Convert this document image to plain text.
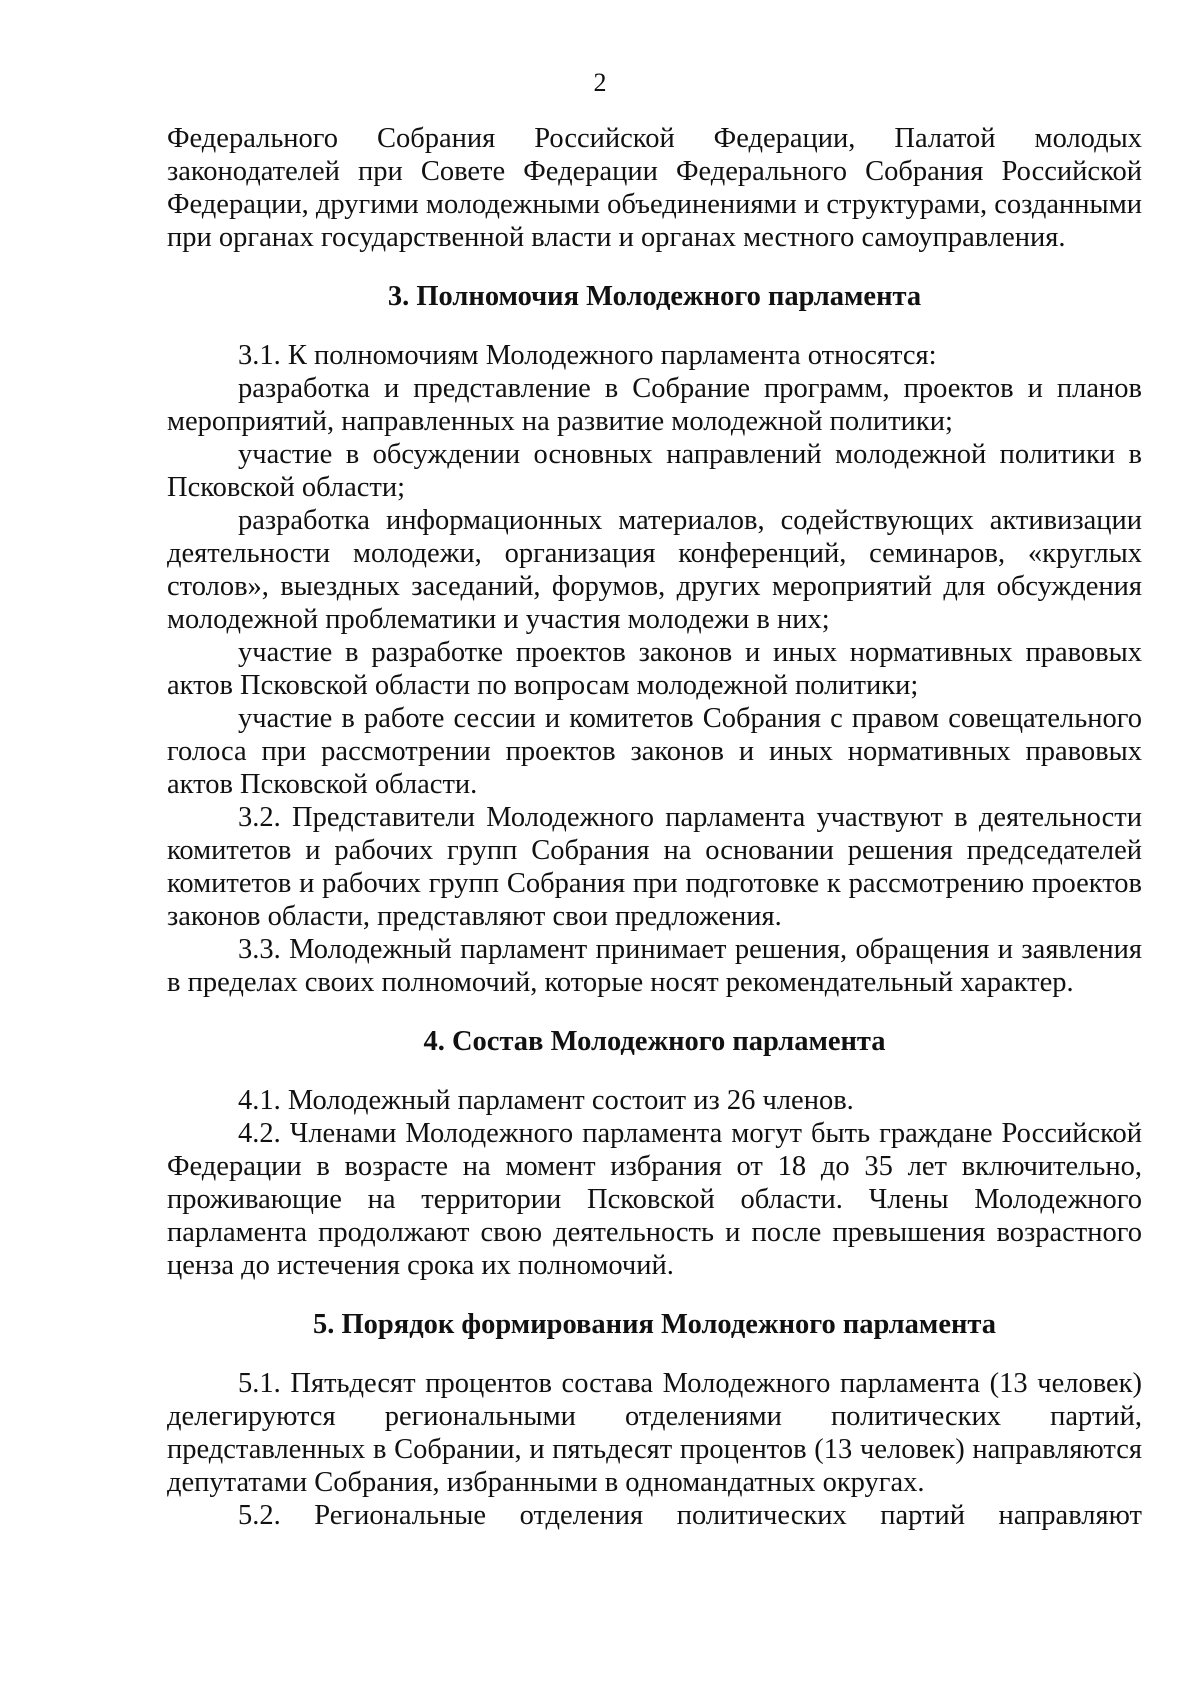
2

Федерального Собрания Российской Федерации, Палатой молодых законодателей при Совете Федерации Федерального Собрания Российской Федерации, другими молодежными объединениями и структурами, созданными при органах государственной власти и органах местного самоуправления.

3. Полномочия Молодежного парламента

3.1. К полномочиям Молодежного парламента относятся:

разработка и представление в Собрание программ, проектов и планов мероприятий, направленных на развитие молодежной политики;

участие в обсуждении основных направлений молодежной политики в Псковской области;

разработка информационных материалов, содействующих активизации деятельности молодежи, организация конференций, семинаров, «круглых столов», выездных заседаний, форумов, других мероприятий для обсуждения молодежной проблематики и участия молодежи в них;

участие в разработке проектов законов и иных нормативных правовых актов Псковской области по вопросам молодежной политики;

участие в работе сессии и комитетов Собрания с правом совещательного голоса при рассмотрении проектов законов и иных нормативных правовых актов Псковской области.

3.2. Представители Молодежного парламента участвуют в деятельности комитетов и рабочих групп Собрания на основании решения председателей комитетов и рабочих групп Собрания при подготовке к рассмотрению проектов законов области, представляют свои предложения.

3.3. Молодежный парламент принимает решения, обращения и заявления в пределах своих полномочий, которые носят рекомендательный характер.

4. Состав Молодежного парламента

4.1. Молодежный парламент состоит из 26 членов.

4.2. Членами Молодежного парламента могут быть граждане Российской Федерации в возрасте на момент избрания от 18 до 35 лет включительно, проживающие на территории Псковской области. Члены Молодежного парламента продолжают свою деятельность и после превышения возрастного ценза до истечения срока их полномочий.

5. Порядок формирования Молодежного парламента

5.1. Пятьдесят процентов состава Молодежного парламента (13 человек) делегируются региональными отделениями политических партий, представленных в Собрании, и пятьдесят процентов (13 человек) направляются депутатами Собрания, избранными в одномандатных округах.

5.2. Региональные отделения политических партий направляют
